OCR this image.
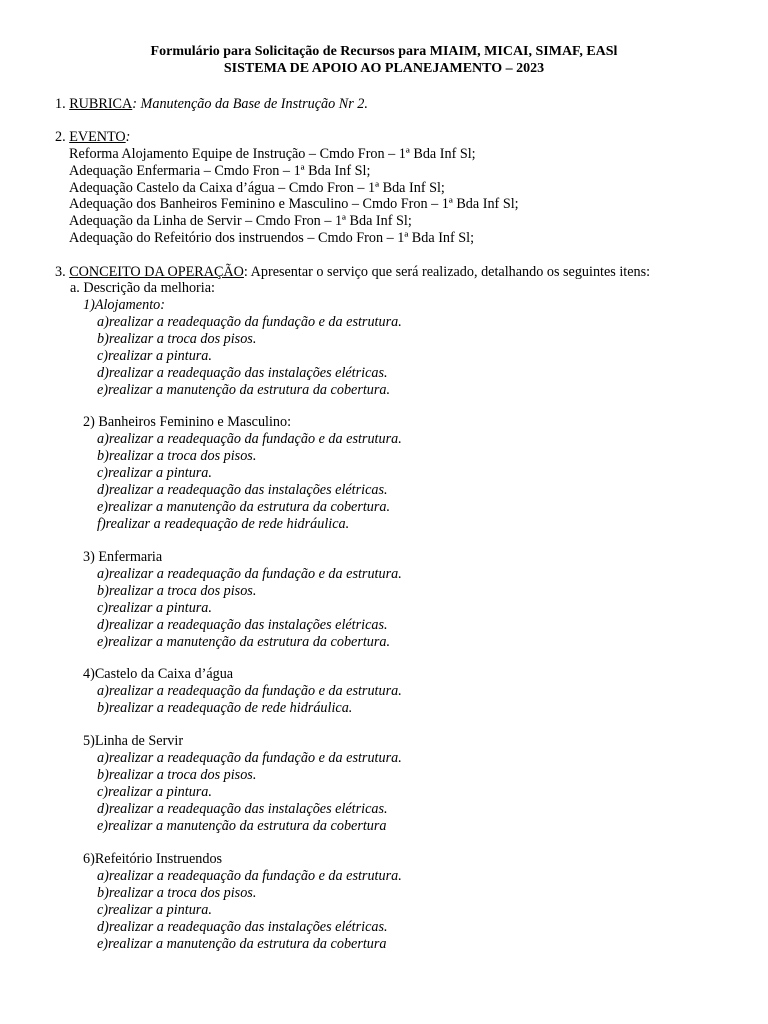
Formulário para Solicitação de Recursos para MIAIM, MICAI, SIMAF, EASl
SISTEMA DE APOIO AO PLANEJAMENTO – 2023
1. RUBRICA: Manutenção da Base de Instrução Nr 2.
2. EVENTO:
Reforma Alojamento Equipe de Instrução – Cmdo Fron – 1ª Bda Inf Sl;
Adequação Enfermaria – Cmdo Fron – 1ª Bda Inf Sl;
Adequação Castelo da Caixa d’água – Cmdo Fron – 1ª Bda Inf Sl;
Adequação dos Banheiros Feminino e Masculino – Cmdo Fron – 1ª Bda Inf Sl;
Adequação da Linha de Servir – Cmdo Fron – 1ª Bda Inf Sl;
Adequação do Refeitório dos instruendos – Cmdo Fron – 1ª Bda Inf Sl;
3. CONCEITO DA OPERAÇÃO: Apresentar o serviço que será realizado, detalhando os seguintes itens:
a. Descrição da melhoria:
1)Alojamento:
a)realizar a readequação da fundação e da estrutura.
b)realizar a troca dos pisos.
c)realizar a pintura.
d)realizar a readequação das instalações elétricas.
e)realizar a manutenção da estrutura da cobertura.
2) Banheiros Feminino e Masculino:
a)realizar a readequação da fundação e da estrutura.
b)realizar a troca dos pisos.
c)realizar a pintura.
d)realizar a readequação das instalações elétricas.
e)realizar a manutenção da estrutura da cobertura.
f)realizar a readequação de rede hidráulica.
3) Enfermaria
a)realizar a readequação da fundação e da estrutura.
b)realizar a troca dos pisos.
c)realizar a pintura.
d)realizar a readequação das instalações elétricas.
e)realizar a manutenção da estrutura da cobertura.
4)Castelo da Caixa d’água
a)realizar a readequação da fundação e da estrutura.
b)realizar a readequação de rede hidráulica.
5)Linha de Servir
a)realizar a readequação da fundação e da estrutura.
b)realizar a troca dos pisos.
c)realizar a pintura.
d)realizar a readequação das instalações elétricas.
e)realizar a manutenção da estrutura da cobertura
6)Refeitório Instruendos
a)realizar a readequação da fundação e da estrutura.
b)realizar a troca dos pisos.
c)realizar a pintura.
d)realizar a readequação das instalações elétricas.
e)realizar a manutenção da estrutura da cobertura
